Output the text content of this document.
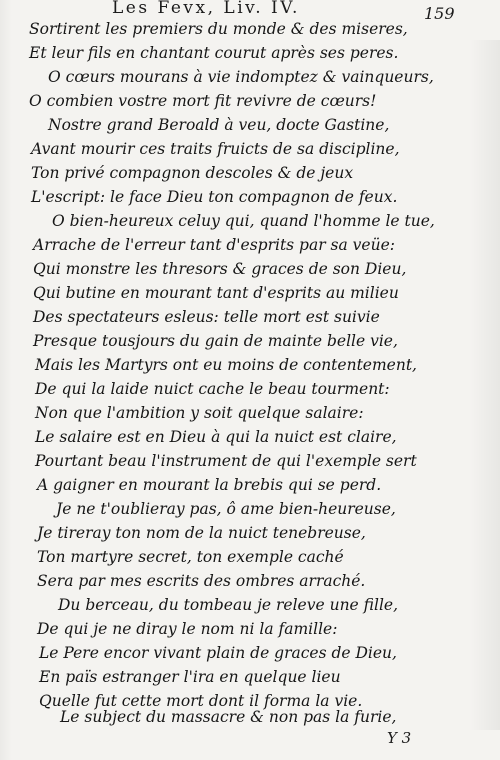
Les Fevx, Liv. IV.	159
Sortirent les premiers du monde & des miseres,
Et leur fils en chantant courut après ses peres.
O cœurs mourans à vie indomptez & vainqueurs,
O combien vostre mort fit revivre de cœurs!
Nostre grand Beroald à veu, docte Gastine,
Avant mourir ces traits fruicts de sa discipline,
Ton privé compagnon descoles & de jeux
L'escript: le face Dieu ton compagnon de feux.
O bien-heureux celuy qui, quand l'homme le tue,
Arrache de l'erreur tant d'esprits par sa veüe:
Qui monstre les thresors & graces de son Dieu,
Qui butine en mourant tant d'esprits au milieu
Des spectateurs esleus: telle mort est suivie
Presque tousjours du gain de mainte belle vie,
Mais les Martyrs ont eu moins de contentement,
De qui la laide nuict cache le beau tourment:
Non que l'ambition y soit quelque salaire:
Le salaire est en Dieu à qui la nuict est claire,
Pourtant beau l'instrument de qui l'exemple sert
A gaigner en mourant la brebis qui se perd.
Je ne t'oublieray pas, ô ame bien-heureuse,
Je tireray ton nom de la nuict tenebreuse,
Ton martyre secret, ton exemple caché
Sera par mes escrits des ombres arraché.
Du berceau, du tombeau je releve une fille,
De qui je ne diray le nom ni la famille:
Le Pere encor vivant plain de graces de Dieu,
En païs estranger l'ira en quelque lieu
Quelle fut cette mort dont il forma la vie.
Le subject du massacre & non pas la furie,
Y 3
